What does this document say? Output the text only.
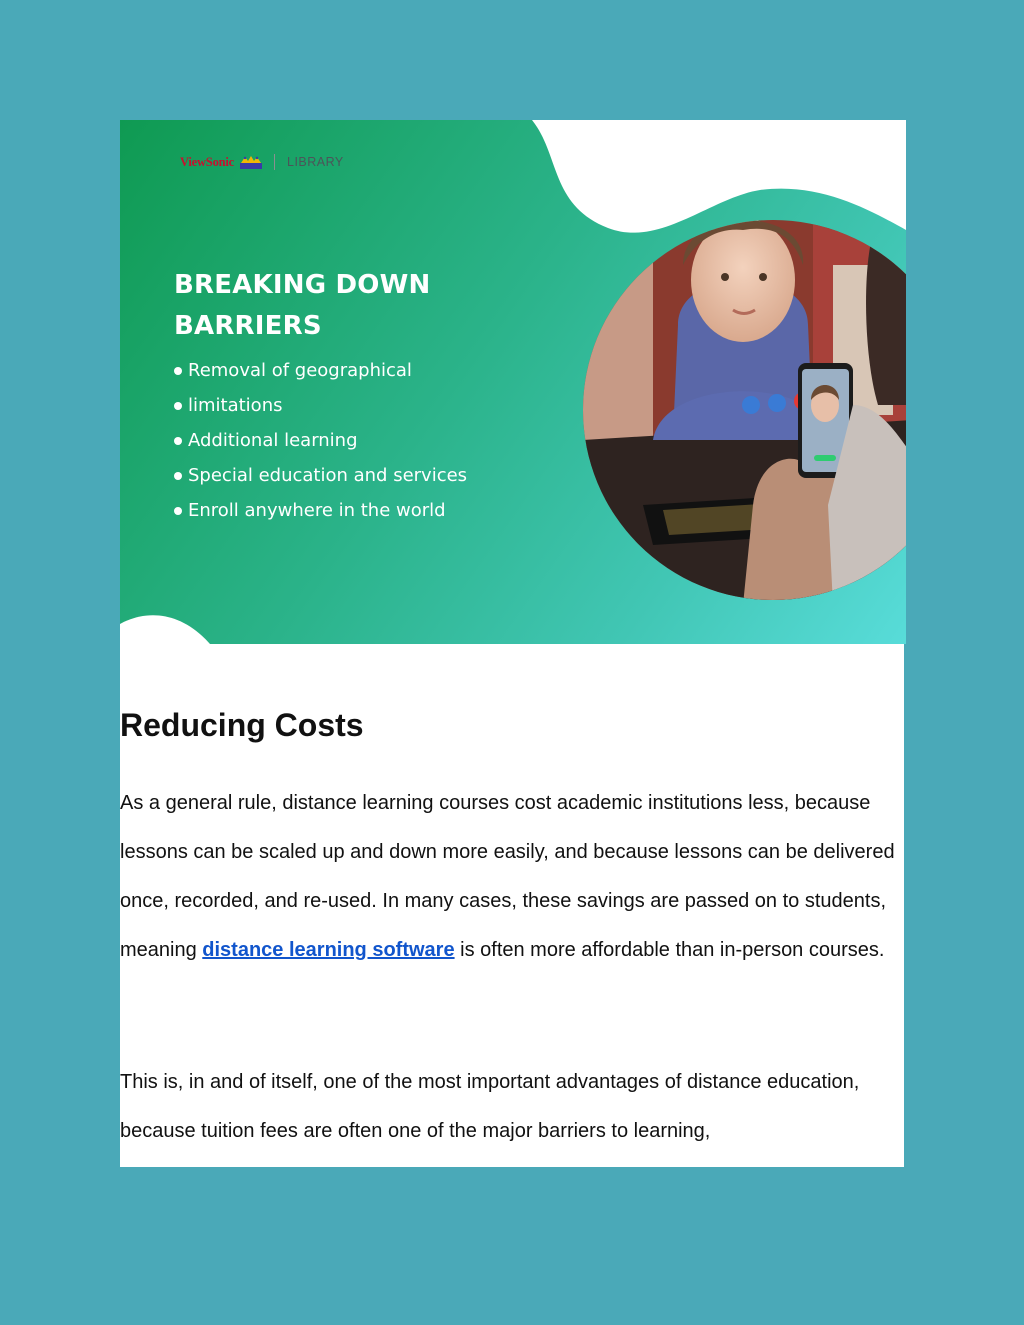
ViewSonic	LIBRARY
BREAKING DOWN BARRIERS
Removal of geographical
limitations
Additional learning
Special education and services
Enroll anywhere in the world
Reducing Costs

As a general rule, distance learning courses cost academic institutions less, because lessons can be scaled up and down more easily, and because lessons can be delivered once, recorded, and re-used. In many cases, these savings are passed on to students, meaning distance learning software is often more affordable than in-person courses.

This is, in and of itself, one of the most important advantages of distance education, because tuition fees are often one of the major barriers to learning,
